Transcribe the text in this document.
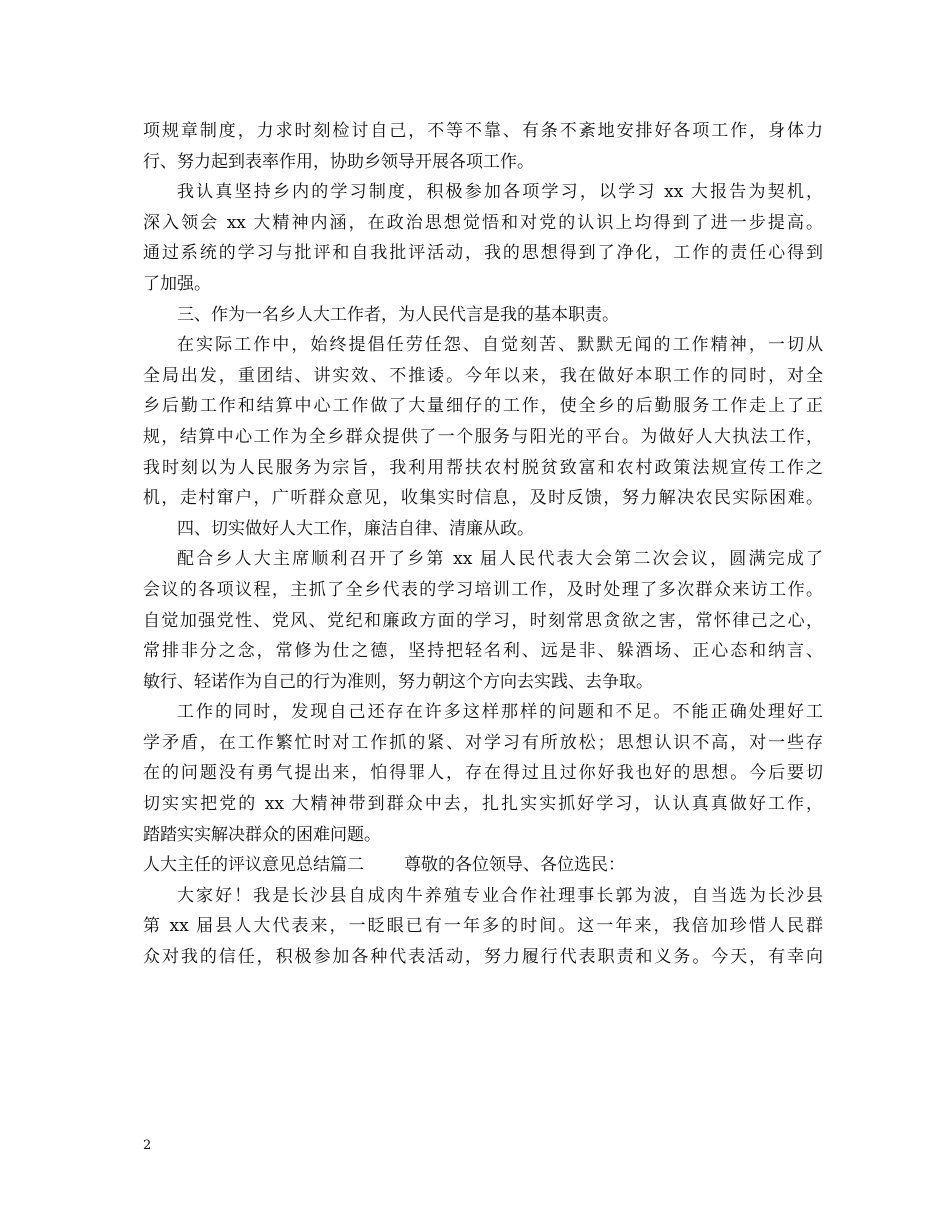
项规章制度，力求时刻检讨自己，不等不靠、有条不紊地安排好各项工作，身体力
行、努力起到表率作用，协助乡领导开展各项工作。
我认真坚持乡内的学习制度，积极参加各项学习，以学习 xx 大报告为契机，
深入领会 xx 大精神内涵，在政治思想觉悟和对党的认识上均得到了进一步提高。
通过系统的学习与批评和自我批评活动，我的思想得到了净化，工作的责任心得到
了加强。
三、作为一名乡人大工作者，为人民代言是我的基本职责。
在实际工作中，始终提倡任劳任怨、自觉刻苦、默默无闻的工作精神，一切从
全局出发，重团结、讲实效、不推诿。今年以来，我在做好本职工作的同时，对全
乡后勤工作和结算中心工作做了大量细仔的工作，使全乡的后勤服务工作走上了正
规，结算中心工作为全乡群众提供了一个服务与阳光的平台。为做好人大执法工作，
我时刻以为人民服务为宗旨，我利用帮扶农村脱贫致富和农村政策法规宣传工作之
机，走村窜户，广听群众意见，收集实时信息，及时反馈，努力解决农民实际困难。
四、切实做好人大工作，廉洁自律、清廉从政。
配合乡人大主席顺利召开了乡第 xx 届人民代表大会第二次会议，圆满完成了
会议的各项议程，主抓了全乡代表的学习培训工作，及时处理了多次群众来访工作。
自觉加强党性、党风、党纪和廉政方面的学习，时刻常思贪欲之害，常怀律己之心，
常排非分之念，常修为仕之德，坚持把轻名利、远是非、躲酒场、正心态和纳言、
敏行、轻诺作为自己的行为准则，努力朝这个方向去实践、去争取。
工作的同时，发现自己还存在许多这样那样的问题和不足。不能正确处理好工
学矛盾，在工作繁忙时对工作抓的紧、对学习有所放松；思想认识不高，对一些存
在的问题没有勇气提出来，怕得罪人，存在得过且过你好我也好的思想。今后要切
切实实把党的 xx 大精神带到群众中去，扎扎实实抓好学习，认认真真做好工作，
踏踏实实解决群众的困难问题。
人大主任的评议意见总结篇二 尊敬的各位领导、各位选民：
大家好！我是长沙县自成肉牛养殖专业合作社理事长郭为波，自当选为长沙县
第 xx 届县人大代表来，一眨眼已有一年多的时间。这一年来，我倍加珍惜人民群
众对我的信任，积极参加各种代表活动，努力履行代表职责和义务。今天，有幸向
2
